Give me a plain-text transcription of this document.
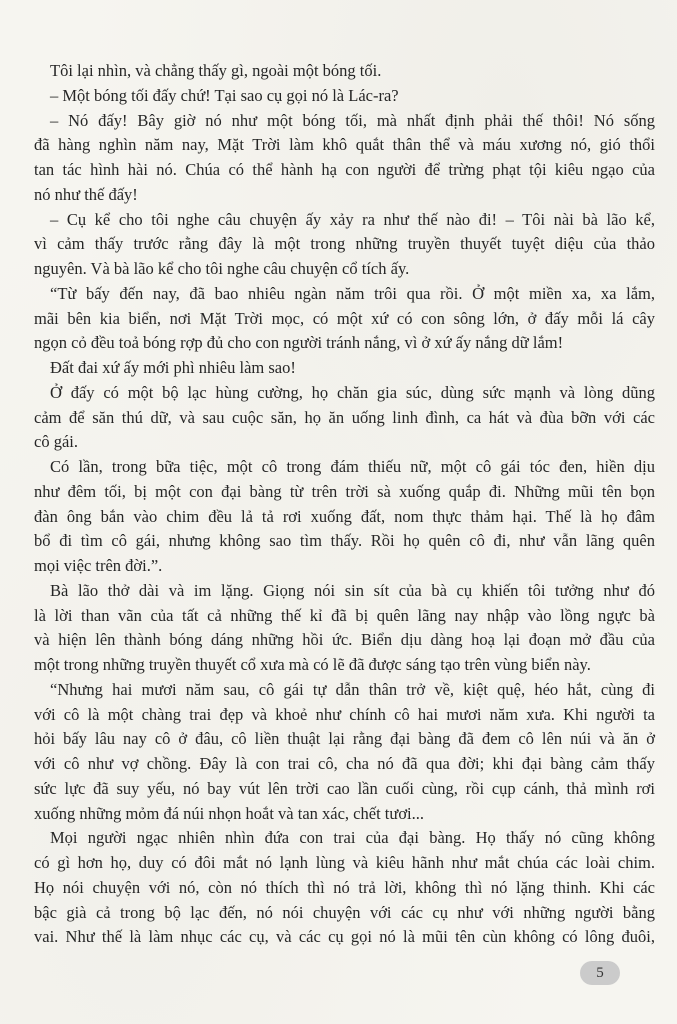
Tôi lại nhìn, và chẳng thấy gì, ngoài một bóng tối.
– Một bóng tối đấy chứ! Tại sao cụ gọi nó là Lác-ra?
– Nó đấy! Bây giờ nó như một bóng tối, mà nhất định phải thế thôi! Nó sống
đã hàng nghìn năm nay, Mặt Trời làm khô quắt thân thể và máu xương nó, gió thổi
tan tác hình hài nó. Chúa có thể hành hạ con người để trừng phạt tội kiêu ngạo của
nó như thế đấy!
– Cụ kể cho tôi nghe câu chuyện ấy xảy ra như thế nào đi! – Tôi nài bà lão kể,
vì cảm thấy trước rằng đây là một trong những truyền thuyết tuyệt diệu của thảo
nguyên. Và bà lão kể cho tôi nghe câu chuyện cổ tích ấy.
“Từ bấy đến nay, đã bao nhiêu ngàn năm trôi qua rồi. Ở một miền xa, xa lắm,
mãi bên kia biển, nơi Mặt Trời mọc, có một xứ có con sông lớn, ở đấy mỗi lá cây
ngọn cỏ đều toả bóng rợp đủ cho con người tránh nắng, vì ở xứ ấy nắng dữ lắm!
Đất đai xứ ấy mới phì nhiêu làm sao!
Ở đấy có một bộ lạc hùng cường, họ chăn gia súc, dùng sức mạnh và lòng dũng
cảm để săn thú dữ, và sau cuộc săn, họ ăn uống linh đình, ca hát và đùa bỡn với các
cô gái.
Có lần, trong bữa tiệc, một cô trong đám thiếu nữ, một cô gái tóc đen, hiền dịu
như đêm tối, bị một con đại bàng từ trên trời sà xuống quắp đi. Những mũi tên bọn
đàn ông bắn vào chim đều lả tả rơi xuống đất, nom thực thảm hại. Thế là họ đâm
bổ đi tìm cô gái, nhưng không sao tìm thấy. Rồi họ quên cô đi, như vẫn lãng quên
mọi việc trên đời.”.
Bà lão thở dài và im lặng. Giọng nói sin sít của bà cụ khiến tôi tưởng như đó
là lời than vãn của tất cả những thế kỉ đã bị quên lãng nay nhập vào lồng ngực bà
và hiện lên thành bóng dáng những hồi ức. Biển dịu dàng hoạ lại đoạn mở đầu của
một trong những truyền thuyết cổ xưa mà có lẽ đã được sáng tạo trên vùng biển này.
“Nhưng hai mươi năm sau, cô gái tự dẫn thân trở về, kiệt quệ, héo hắt, cùng đi
với cô là một chàng trai đẹp và khoẻ như chính cô hai mươi năm xưa. Khi người ta
hỏi bấy lâu nay cô ở đâu, cô liền thuật lại rằng đại bàng đã đem cô lên núi và ăn ở
với cô như vợ chồng. Đây là con trai cô, cha nó đã qua đời; khi đại bàng cảm thấy
sức lực đã suy yếu, nó bay vút lên trời cao lần cuối cùng, rồi cụp cánh, thả mình rơi
xuống những mỏm đá núi nhọn hoắt và tan xác, chết tươi...
Mọi người ngạc nhiên nhìn đứa con trai của đại bàng. Họ thấy nó cũng không
có gì hơn họ, duy có đôi mắt nó lạnh lùng và kiêu hãnh như mắt chúa các loài chim.
Họ nói chuyện với nó, còn nó thích thì nó trả lời, không thì nó lặng thinh. Khi các
bậc già cả trong bộ lạc đến, nó nói chuyện với các cụ như với những người bằng
vai. Như thế là làm nhục các cụ, và các cụ gọi nó là mũi tên cùn không có lông đuôi,
5
